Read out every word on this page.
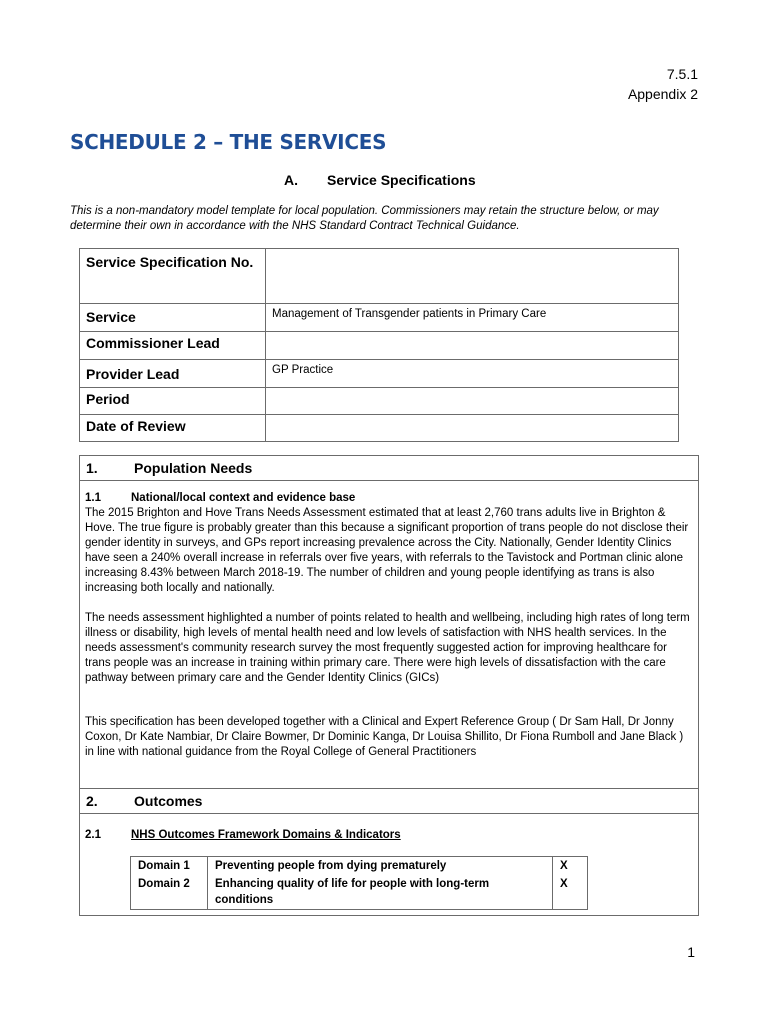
7.5.1
Appendix 2
SCHEDULE 2 – THE SERVICES
A. Service Specifications
This is a non-mandatory model template for local population. Commissioners may retain the structure below, or may determine their own in accordance with the NHS Standard Contract Technical Guidance.
Service Specification No.	
Service	Management of Transgender patients in Primary Care
Commissioner Lead	
Provider Lead	GP Practice
Period	
Date of Review	
1.	Population Needs
1.1	National/local context and evidence base

The 2015 Brighton and Hove Trans Needs Assessment estimated that at least 2,760 trans adults live in Brighton & Hove. The true figure is probably greater than this because a significant proportion of trans people do not disclose their gender identity in surveys, and GPs report increasing prevalence across the City. Nationally, Gender Identity Clinics have seen a 240% overall increase in referrals over five years, with referrals to the Tavistock and Portman clinic alone increasing 8.43% between March 2018-19. The number of children and young people identifying as trans is also increasing both locally and nationally.

The needs assessment highlighted a number of points related to health and wellbeing, including high rates of long term illness or disability, high levels of mental health need and low levels of satisfaction with NHS health services. In the needs assessment's community research survey the most frequently suggested action for improving healthcare for trans people was an increase in training within primary care. There were high levels of dissatisfaction with the care pathway between primary care and the Gender Identity Clinics (GICs)

This specification has been developed together with a Clinical and Expert Reference Group ( Dr Sam Hall, Dr Jonny Coxon, Dr Kate Nambiar, Dr Claire Bowmer, Dr Dominic Kanga, Dr Louisa Shillito, Dr Fiona Rumboll and Jane Black ) in line with national guidance from the Royal College of General Practitioners

2.	Outcomes
2.1	NHS Outcomes Framework Domains & Indicators
Domain 1	Preventing people from dying prematurely	X
Domain 2	Enhancing quality of life for people with long-term conditions	X
1
